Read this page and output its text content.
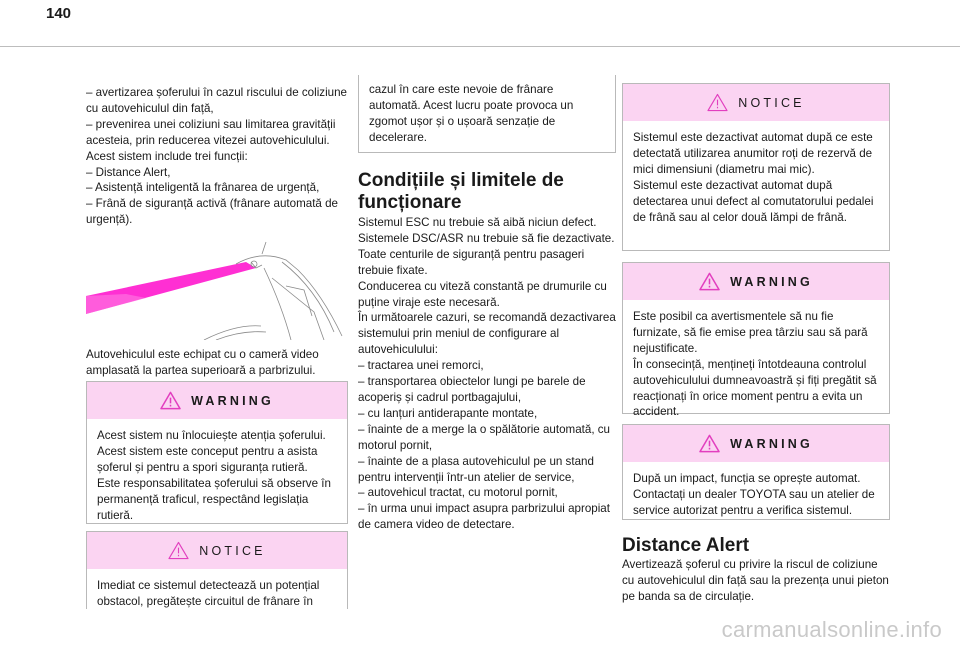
140
– avertizarea șoferului în cazul riscului de coliziune cu autovehiculul din față,
– prevenirea unei coliziuni sau limitarea gravității acesteia, prin reducerea vitezei autovehiculului.
Acest sistem include trei funcții:
– Distance Alert,
– Asistență inteligentă la frânarea de urgență,
– Frână de siguranță activă (frânare automată de urgență).
Autovehiculul este echipat cu o cameră video amplasată la partea superioară a parbrizului.
WARNING
Acest sistem nu înlocuiește atenția șoferului. Acest sistem este conceput pentru a asista șoferul și pentru a spori siguranța rutieră.
Este responsabilitatea șoferului să observe în permanență traficul, respectând legislația rutieră.
NOTICE
Imediat ce sistemul detectează un potențial obstacol, pregătește circuitul de frânare în
cazul în care este nevoie de frânare automată. Acest lucru poate provoca un zgomot ușor și o ușoară senzație de decelerare.
Condițiile și limitele de
funcționare
Sistemul ESC nu trebuie să aibă niciun defect.
Sistemele DSC/ASR nu trebuie să fie dezactivate.
Toate centurile de siguranță pentru pasageri trebuie fixate.
Conducerea cu viteză constantă pe drumurile cu puține viraje este necesară.
În următoarele cazuri, se recomandă dezactivarea sistemului prin meniul de configurare al autovehiculului:
– tractarea unei remorci,
– transportarea obiectelor lungi pe barele de acoperiș și cadrul portbagajului,
– cu lanțuri antiderapante montate,
– înainte de a merge la o spălătorie automată, cu motorul pornit,
– înainte de a plasa autovehiculul pe un stand pentru intervenții într-un atelier de service,
– autovehicul tractat, cu motorul pornit,
– în urma unui impact asupra parbrizului apropiat de camera video de detectare.
NOTICE
Sistemul este dezactivat automat după ce este detectată utilizarea anumitor roți de rezervă de mici dimensiuni (diametru mai mic).
Sistemul este dezactivat automat după detectarea unui defect al comutatorului pedalei de frână sau al celor două lămpi de frână.
WARNING
Este posibil ca avertismentele să nu fie furnizate, să fie emise prea târziu sau să pară nejustificate.
În consecință, mențineți întotdeauna controlul autovehiculului dumneavoastră și fiți pregătit să reacționați în orice moment pentru a evita un accident.
WARNING
După un impact, funcția se oprește automat. Contactați un dealer TOYOTA sau un atelier de service autorizat pentru a verifica sistemul.
Distance Alert
Avertizează șoferul cu privire la riscul de coliziune cu autovehiculul din față sau la prezența unui pieton pe banda sa de circulație.
carmanualsonline.info
